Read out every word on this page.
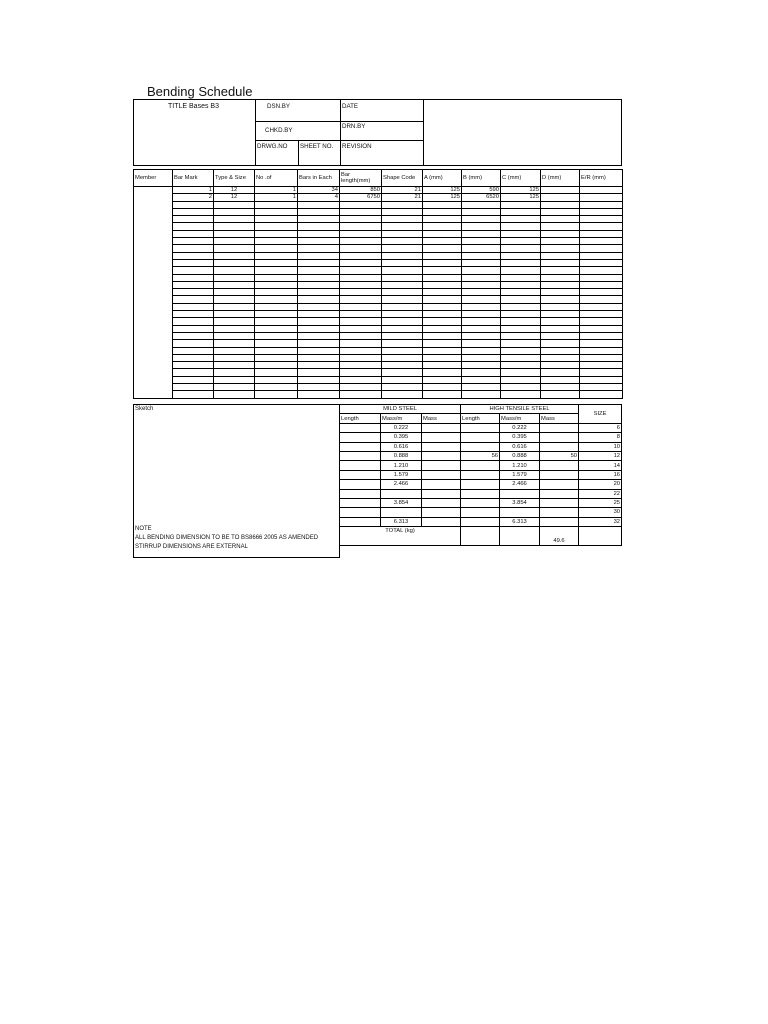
Bending Schedule
TITLE Bases B3	DSN.BY	DATE
CHKD.BY
DRN.BY
DRWG.NO SHEET NO. REVISION
Member	Bar Mark	Type & Size	No .of	Bars in Each	Bar length(mm)	Shape Code	A (mm)	B (mm)	C (mm)	D (mm)	E/R (mm)
	1	12	1	34	850	21	125	590	125		
	2	12	1	4	6750	21	125	6520	125		

Sketch
NOTE
ALL BENDING DIMENSION TO BE TO BS8666 2005 AS AMENDED
STIRRUP DIMENSIONS ARE EXTERNAL
MILD STEEL			HIGH TENSILE STEEL			SIZE
Length	Mass/m	Mass	Length	Mass/m	Mass	
	0.222			0.222		6
	0.395			0.395		8
	0.616			0.616		10
	0.888		56	0.888	50	12
	1.210			1.210		14
	1.579			1.579		16
	2.466			2.466		20
						22
	3.854			3.854		25
						30
	6.313			6.313		32
TOTAL (kg)					49.6	
